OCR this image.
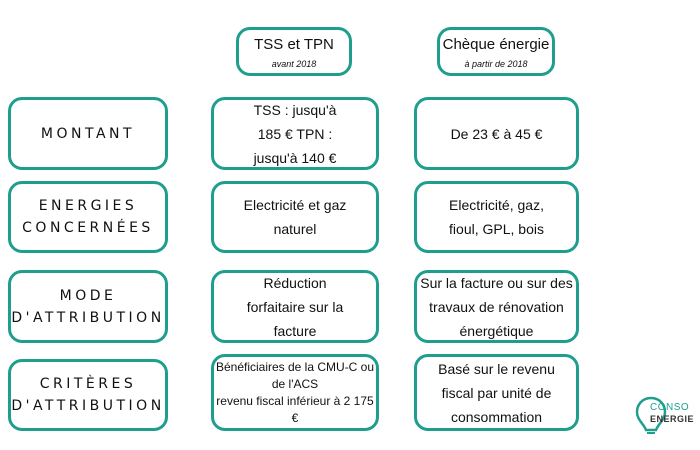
TSS et TPN
avant 2018
Chèque énergie
à partir de 2018
MONTANT
TSS : jusqu'à
185 € TPN :
jusqu'à 140 €
De 23 € à 45 €
ENERGIES
CONCERNÉES
Electricité et gaz
naturel
Electricité, gaz,
fioul, GPL, bois
MODE
D'ATTRIBUTION
Réduction
forfaitaire sur la
facture
Sur la facture ou sur des
travaux de rénovation
énergétique
CRITÈRES
D'ATTRIBUTION
Bénéficiaires de la CMU-C ou
de l'ACS
revenu fiscal inférieur à 2 175 €
Basé sur le revenu
fiscal par unité de
consommation
CONSO
ENERGIE
